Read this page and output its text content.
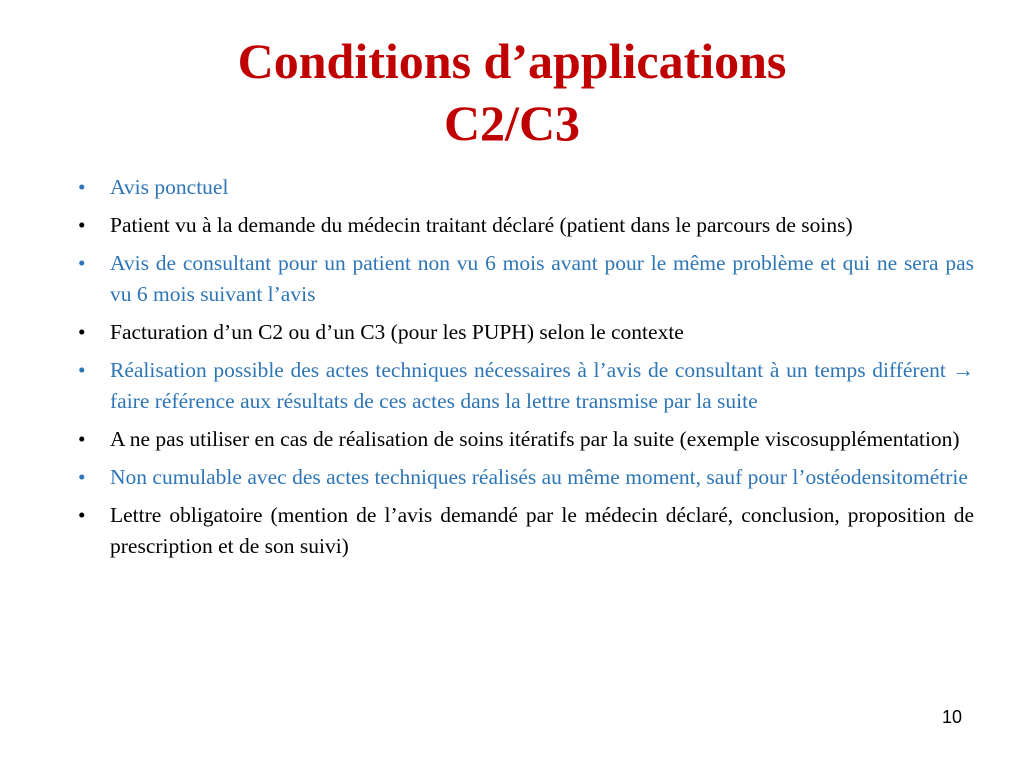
Conditions d’applications
C2/C3
• Avis ponctuel
• Patient vu à la demande du médecin traitant déclaré (patient dans le parcours de soins)
• Avis de consultant pour un patient non vu 6 mois avant pour le même problème et qui ne sera pas vu 6 mois suivant l’avis
• Facturation d’un C2 ou d’un C3 (pour les PUPH) selon le contexte
• Réalisation possible des actes techniques nécessaires à l’avis de consultant à un temps différent → faire référence aux résultats de ces actes dans la lettre transmise par la suite
• A ne pas utiliser en cas de réalisation de soins itératifs par la suite (exemple viscosupplémentation)
• Non cumulable avec des actes techniques réalisés au même moment, sauf pour l’ostéodensitométrie
• Lettre obligatoire (mention de l’avis demandé par le médecin déclaré, conclusion, proposition de prescription et de son suivi)
10
